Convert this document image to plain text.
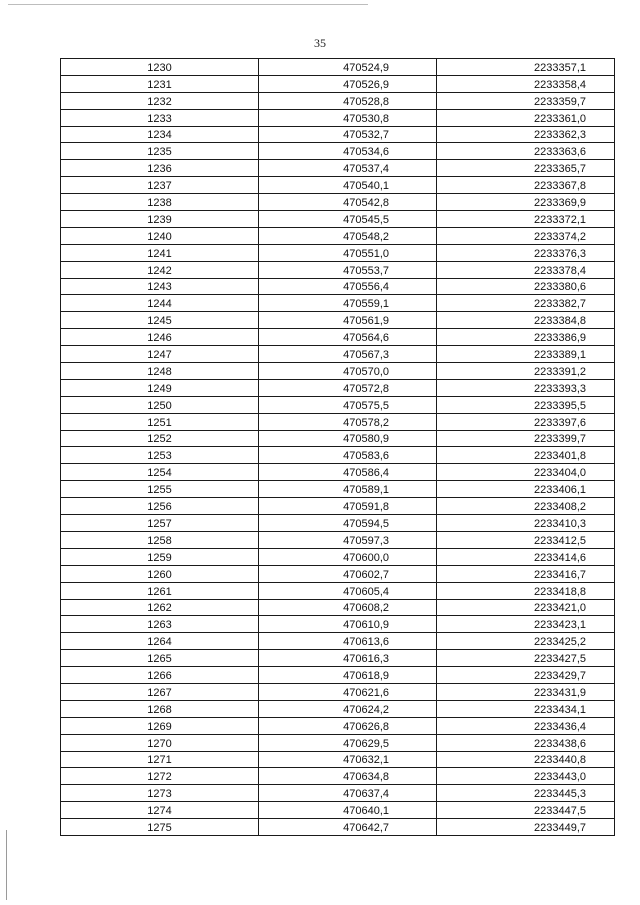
35
1230	470524,9	2233357,1
1231	470526,9	2233358,4
1232	470528,8	2233359,7
1233	470530,8	2233361,0
1234	470532,7	2233362,3
1235	470534,6	2233363,6
1236	470537,4	2233365,7
1237	470540,1	2233367,8
1238	470542,8	2233369,9
1239	470545,5	2233372,1
1240	470548,2	2233374,2
1241	470551,0	2233376,3
1242	470553,7	2233378,4
1243	470556,4	2233380,6
1244	470559,1	2233382,7
1245	470561,9	2233384,8
1246	470564,6	2233386,9
1247	470567,3	2233389,1
1248	470570,0	2233391,2
1249	470572,8	2233393,3
1250	470575,5	2233395,5
1251	470578,2	2233397,6
1252	470580,9	2233399,7
1253	470583,6	2233401,8
1254	470586,4	2233404,0
1255	470589,1	2233406,1
1256	470591,8	2233408,2
1257	470594,5	2233410,3
1258	470597,3	2233412,5
1259	470600,0	2233414,6
1260	470602,7	2233416,7
1261	470605,4	2233418,8
1262	470608,2	2233421,0
1263	470610,9	2233423,1
1264	470613,6	2233425,2
1265	470616,3	2233427,5
1266	470618,9	2233429,7
1267	470621,6	2233431,9
1268	470624,2	2233434,1
1269	470626,8	2233436,4
1270	470629,5	2233438,6
1271	470632,1	2233440,8
1272	470634,8	2233443,0
1273	470637,4	2233445,3
1274	470640,1	2233447,5
1275	470642,7	2233449,7
